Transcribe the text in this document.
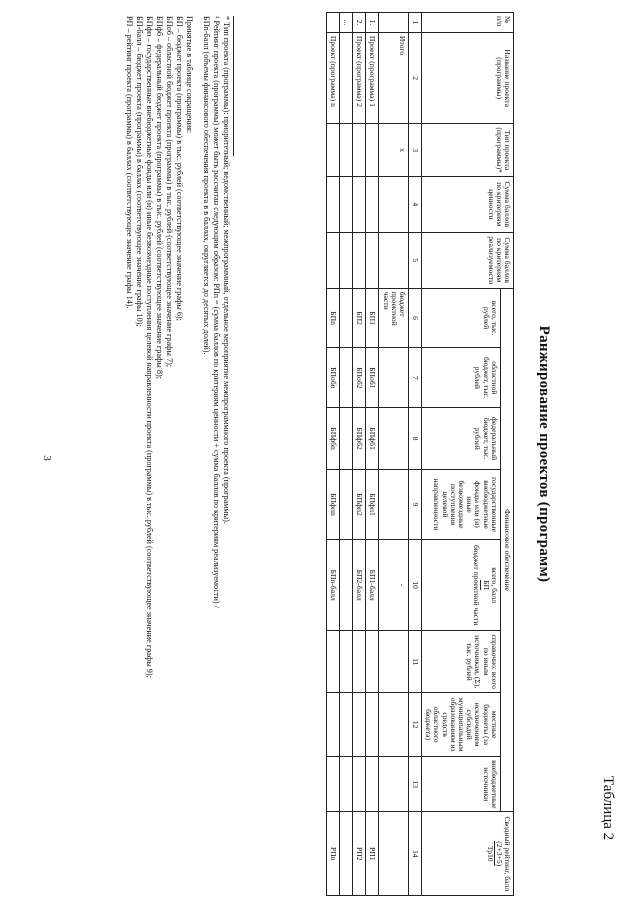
3
Таблица 2
Ранжирование проектов (программ)
№ п/п	Название проекта (программы)	Тип проекта (программы)*	Сумма баллов по критериям ценности	Сумма баллов по критериям реализуемости	Финансовое обеспечение								Сводный рейтинг, балл
(2+3+5)
Тр10
					всего, тыс. рублей	областной бюджет, тыс. рублей	федеральный бюджет, тыс. рублей	государственные внебюджетные фонды или (и) иные безвозмездные поступления целевой направленности	всего, балл
БП
бюджет проектной части	справочно: всего по иным источникам, (Σ), тыс. рублей	местные бюджеты (за исключением субсидий муниципальным образованиям из средств областного бюджета)	внебюджетные источники	
1	2	3	4	5	6	7	8	9	10	11	12	13	14
	Итого	x			бюджет проектной части				-				
1.	Проект (программа) 1				БП1	БПоб1	БПфб1	БПфп1	БП1-балл				РП1
2.	Проект (программа) 2				БП2	БПоб2	БПфб2	БПфп2	БП2-балл				РП2
...													
	Проект (программа) n				БПn	БПобn	БПфбn	БПфпn	БПn-балл				РПn

* Тип проекта (программы): приоритетный; ведомственный; межпрограммный, отдельное мероприятие межпрограммного проекта (программы).

¹ Рейтинг проекта (программы) может быть рассчитан следующим образом: РПn = (сумма баллов по критериям ценности + сумма баллов по критериям реализуемости) /

БПn-балл (объемы финансового обеспечения проекта в в баллах, округляется до десятых долей).

Принятые в таблице сокращения:

БП – бюджет проекта (программы) в тыс. рублей (соответствующее значение графы 6);

БПоб – областной бюджет проекта (программы) в тыс. рублей (соответствующее значение графы 7);

БПфб – федеральный бюджет проекта (программы) в тыс. рублей (соответствующее значение графы 8);

БПфп – государственные внебюджетные фонды или (и) иные безвозмездные поступления целевой направленности проекта (программы) в тыс. рублей (соответствующее значение графы 9);

БП-балл – бюджет проекта (программы) в баллах (соответствующее значение графы 10);

РП – рейтинг проекта (программы) в баллах (соответствующее значение графы 14).
